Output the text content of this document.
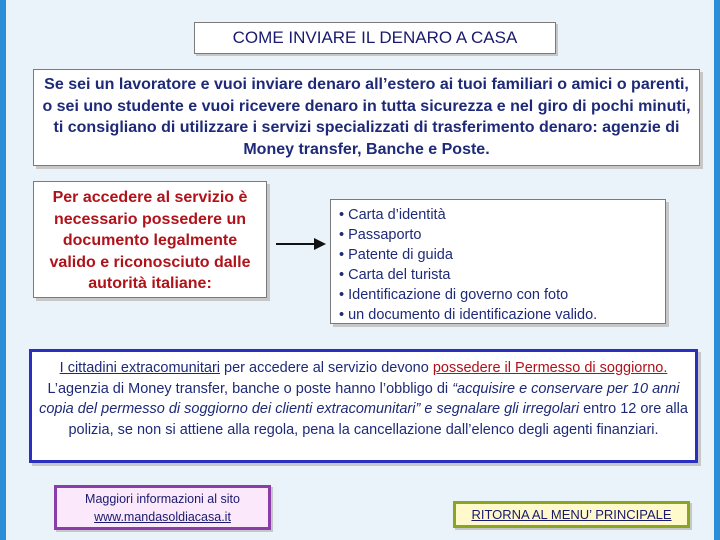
COME INVIARE IL DENARO A CASA
Se sei un lavoratore e vuoi inviare denaro all’estero ai tuoi familiari o amici o parenti, o sei uno studente e vuoi ricevere denaro in tutta sicurezza e nel giro di pochi minuti, ti consigliano di utilizzare i servizi specializzati di trasferimento denaro: agenzie di Money transfer, Banche e Poste.
Per accedere al servizio è necessario possedere un documento legalmente valido e riconosciuto dalle autorità italiane:
• Carta d’identità
• Passaporto
• Patente di guida
• Carta del turista
• Identificazione di governo con foto
• un documento di identificazione valido.
I cittadini extracomunitari per accedere al servizio devono possedere il Permesso di soggiorno. L’agenzia di Money transfer, banche o poste hanno l’obbligo di “acquisire e conservare per 10 anni copia del permesso di soggiorno dei clienti extracomunitari” e segnalare gli irregolari entro 12 ore alla polizia, se non si attiene alla regola, pena la cancellazione dall’elenco degli agenti finanziari.
Maggiori informazioni al sito
www.mandasoldiacasa.it	RITORNA AL MENU’ PRINCIPALE
